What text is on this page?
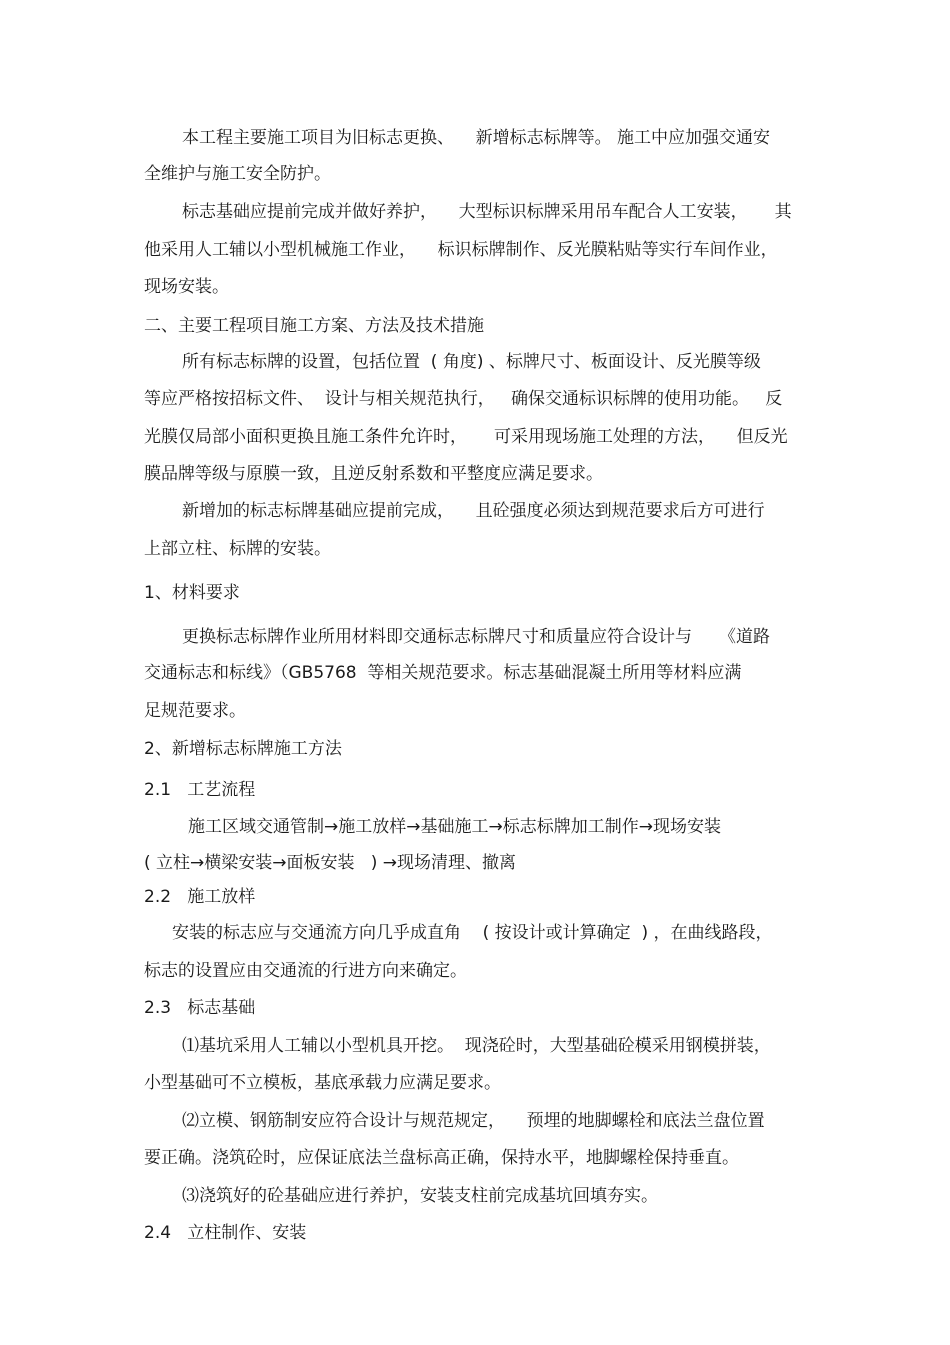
本工程主要施工项目为旧标志更换、    新增标志标牌等。 施工中应加强交通安
全维护与施工安全防护。
标志基础应提前完成并做好养护，    大型标识标牌采用吊车配合人工安装，     其
他采用人工辅以小型机械施工作业，    标识标牌制作、反光膜粘贴等实行车间作业，
现场安装。
二、主要工程项目施工方案、方法及技术措施
所有标志标牌的设置，包括位置  ( 角度) 、标牌尺寸、板面设计、反光膜等级
等应严格按招标文件、  设计与相关规范执行，   确保交通标识标牌的使用功能。   反
光膜仅局部小面积更换且施工条件允许时，     可采用现场施工处理的方法，    但反光
膜品牌等级与原膜一致，且逆反射系数和平整度应满足要求。
新增加的标志标牌基础应提前完成，    且砼强度必须达到规范要求后方可进行
上部立柱、标牌的安装。
1、材料要求
更换标志标牌作业所用材料即交通标志标牌尺寸和质量应符合设计与     《道路
交通标志和标线》（GB5768  等相关规范要求。标志基础混凝土所用等材料应满
足规范要求。
2、新增标志标牌施工方法
2.1   工艺流程
施工区域交通管制→施工放样→基础施工→标志标牌加工制作→现场安装
( 立柱→横梁安装→面板安装   ) →现场清理、撤离
2.2   施工放样
安装的标志应与交通流方向几乎成直角    ( 按设计或计算确定  ) ，在曲线路段，
标志的设置应由交通流的行进方向来确定。
2.3   标志基础
⑴基坑采用人工辅以小型机具开挖。  现浇砼时，大型基础砼模采用钢模拼装，
小型基础可不立模板，基底承载力应满足要求。
⑵立模、钢筋制安应符合设计与规范规定，    预埋的地脚螺栓和底法兰盘位置
要正确。浇筑砼时，应保证底法兰盘标高正确，保持水平，地脚螺栓保持垂直。
⑶浇筑好的砼基础应进行养护，安装支柱前完成基坑回填夯实。
2.4   立柱制作、安装
